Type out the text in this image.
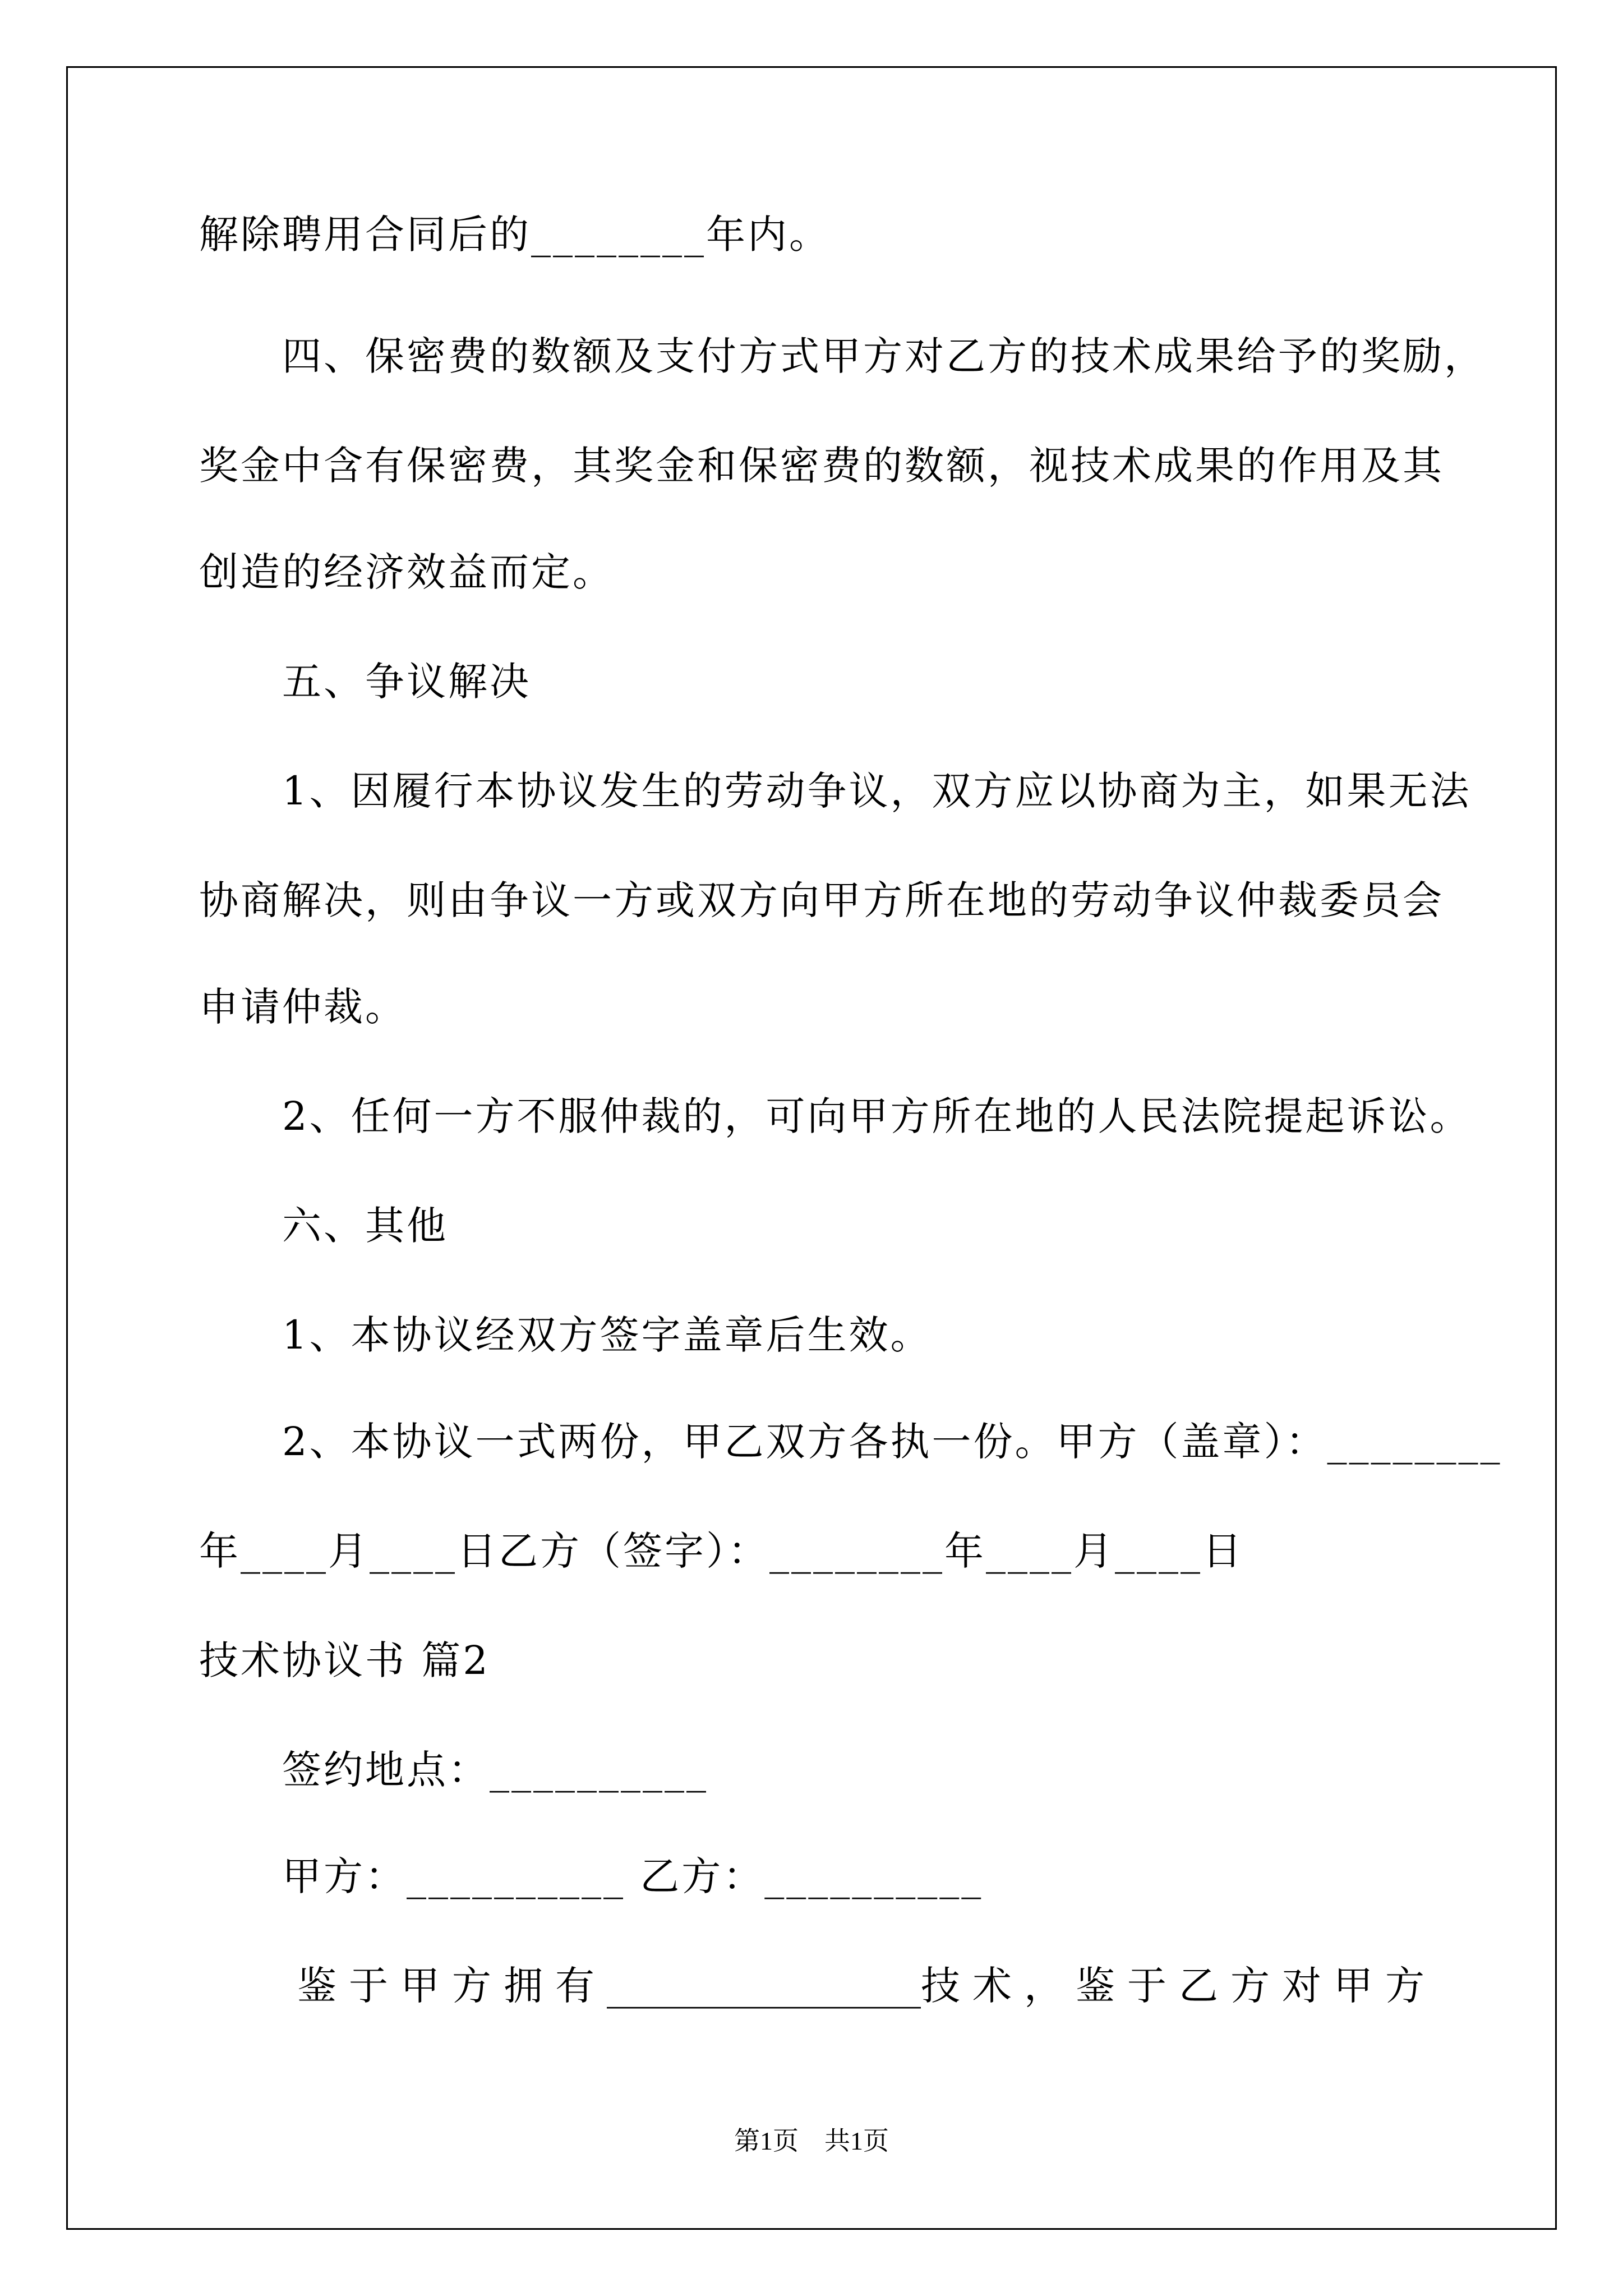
解除聘用合同后的________年内。
四、保密费的数额及支付方式甲方对乙方的技术成果给予的奖励，
奖金中含有保密费，其奖金和保密费的数额，视技术成果的作用及其
创造的经济效益而定。
五、争议解决
1、因履行本协议发生的劳动争议，双方应以协商为主，如果无法
协商解决，则由争议一方或双方向甲方所在地的劳动争议仲裁委员会
申请仲裁。
2、任何一方不服仲裁的，可向甲方所在地的人民法院提起诉讼。
六、其他
1、本协议经双方签字盖章后生效。
2、本协议一式两份，甲乙双方各执一份。甲方（盖章）：________
年____月____日乙方（签字）：________年____月____日
技术协议书 篇2
签约地点：__________
甲方：__________ 乙方：__________
鉴于甲方拥有 ________________ 技术，鉴于乙方对甲方
第1页　共1页
